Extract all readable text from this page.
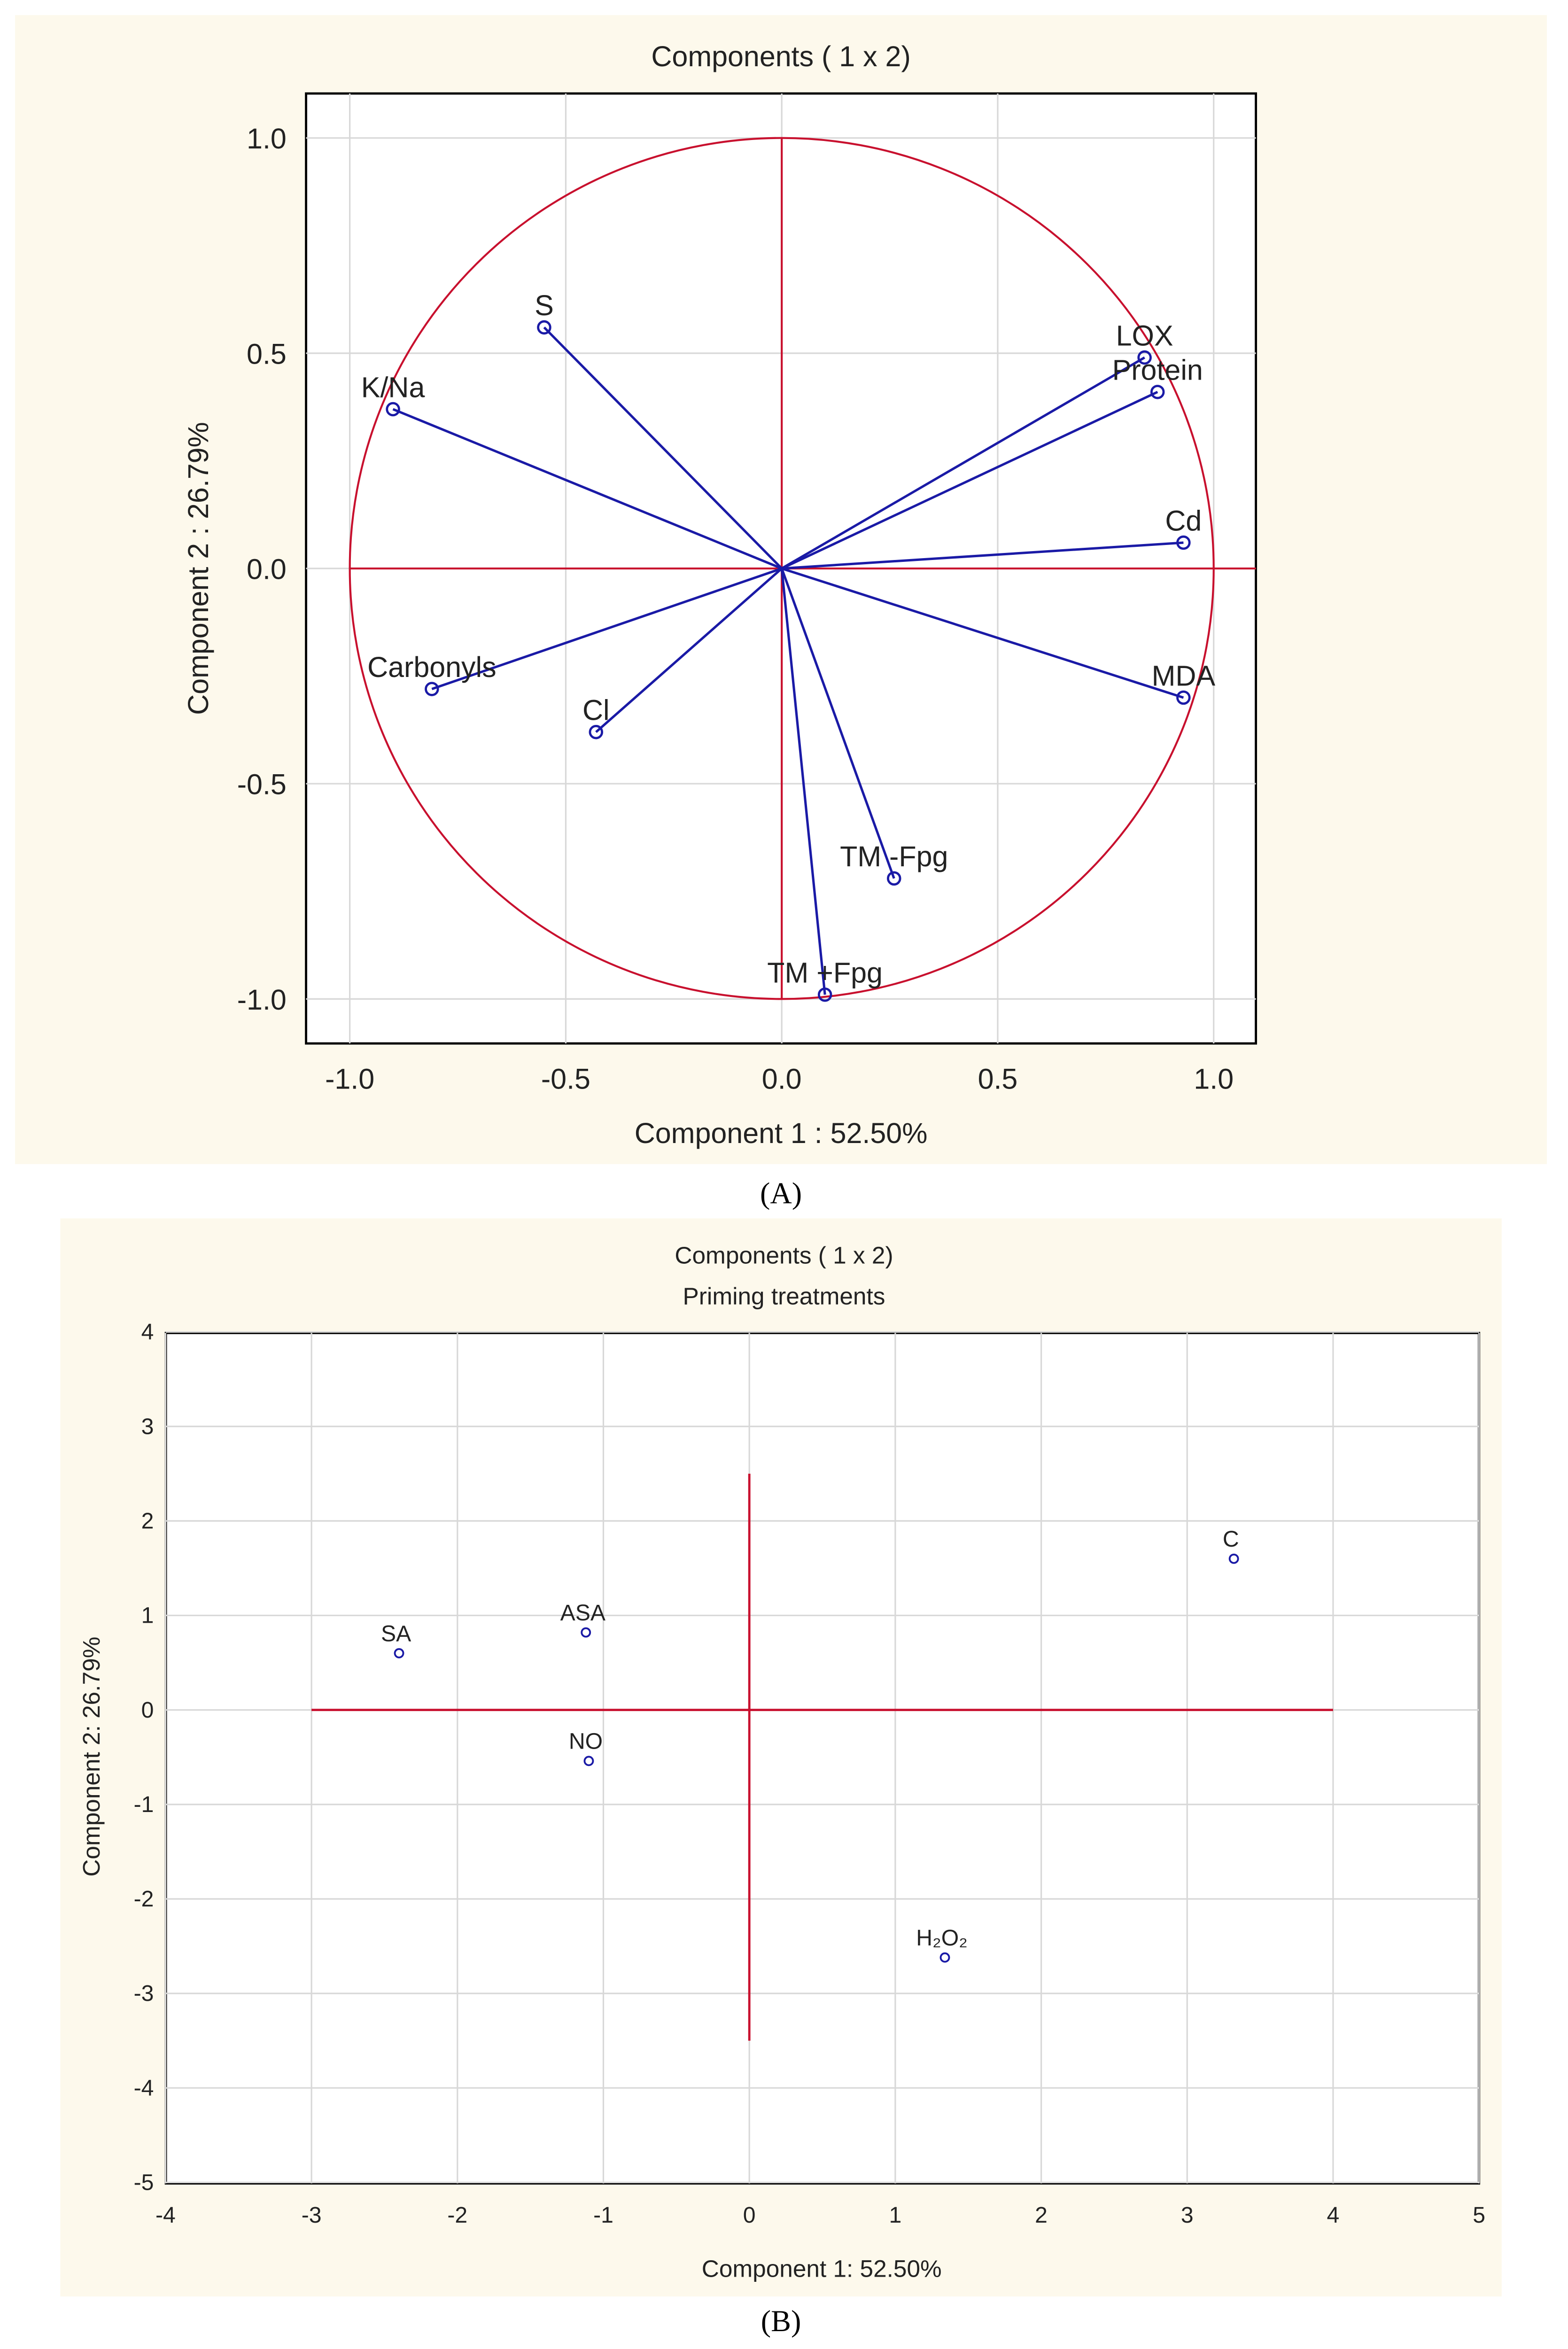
-1.0	-0.5	0.0	0.5	1.0
1.0
0.5
0.0
-0.5
-1.0
S
K/Na
LOX
Protein
Cd
MDA
Carbonyls
Cl
TM -Fpg
TM +Fpg
Components ( 1 x 2)
Component 1 : 52.50%
Component 2 : 26.79%
-4	-3	-2	-1	0	1	2	3	4	5
4
3
2
1
0
-1
-2
-3
-4
-5
SA
ASA
NO
C
H₂O₂
Components ( 1 x 2)
Priming treatments
Component 1: 52.50%
Component 2: 26.79%
(A)
(B)
